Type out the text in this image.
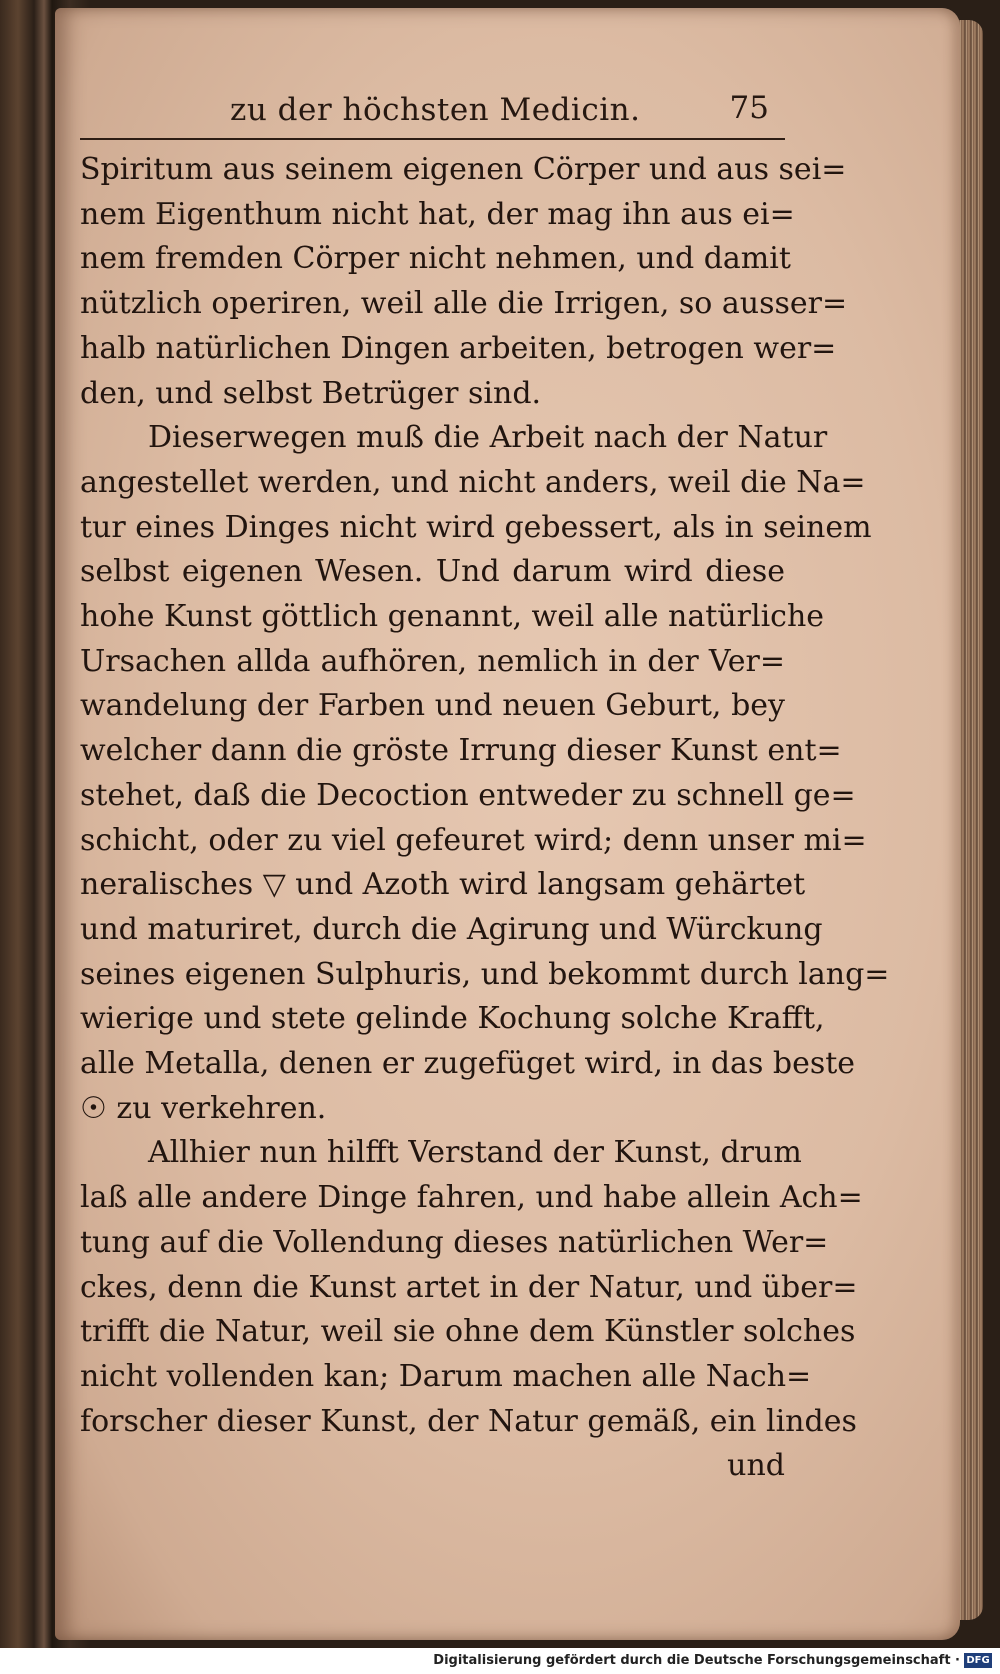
zu der höchsten Medicin.	75
Spiritum aus seinem eigenen Cörper und aus sei=
nem Eigenthum nicht hat, der mag ihn aus ei=
nem fremden Cörper nicht nehmen, und damit
nützlich operiren, weil alle die Irrigen, so ausser=
halb natürlichen Dingen arbeiten, betrogen wer=
den, und selbst Betrüger sind.
Dieserwegen muß die Arbeit nach der Natur
angestellet werden, und nicht anders, weil die Na=
tur eines Dinges nicht wird gebessert, als in seinem
selbst eigenen Wesen. Und darum wird diese
hohe Kunst göttlich genannt, weil alle natürliche
Ursachen allda aufhören, nemlich in der Ver=
wandelung der Farben und neuen Geburt, bey
welcher dann die gröste Irrung dieser Kunst ent=
stehet, daß die Decoction entweder zu schnell ge=
schicht, oder zu viel gefeuret wird; denn unser mi=
neralisches ▽ und Azoth wird langsam gehärtet
und maturiret, durch die Agirung und Würckung
seines eigenen Sulphuris, und bekommt durch lang=
wierige und stete gelinde Kochung solche Krafft,
alle Metalla, denen er zugefüget wird, in das beste
☉ zu verkehren.
Allhier nun hilfft Verstand der Kunst, drum
laß alle andere Dinge fahren, und habe allein Ach=
tung auf die Vollendung dieses natürlichen Wer=
ckes, denn die Kunst artet in der Natur, und über=
trifft die Natur, weil sie ohne dem Künstler solches
nicht vollenden kan; Darum machen alle Nach=
forscher dieser Kunst, der Natur gemäß, ein lindes
und
Digitalisierung gefördert durch die Deutsche Forschungsgemeinschaft · DFG
